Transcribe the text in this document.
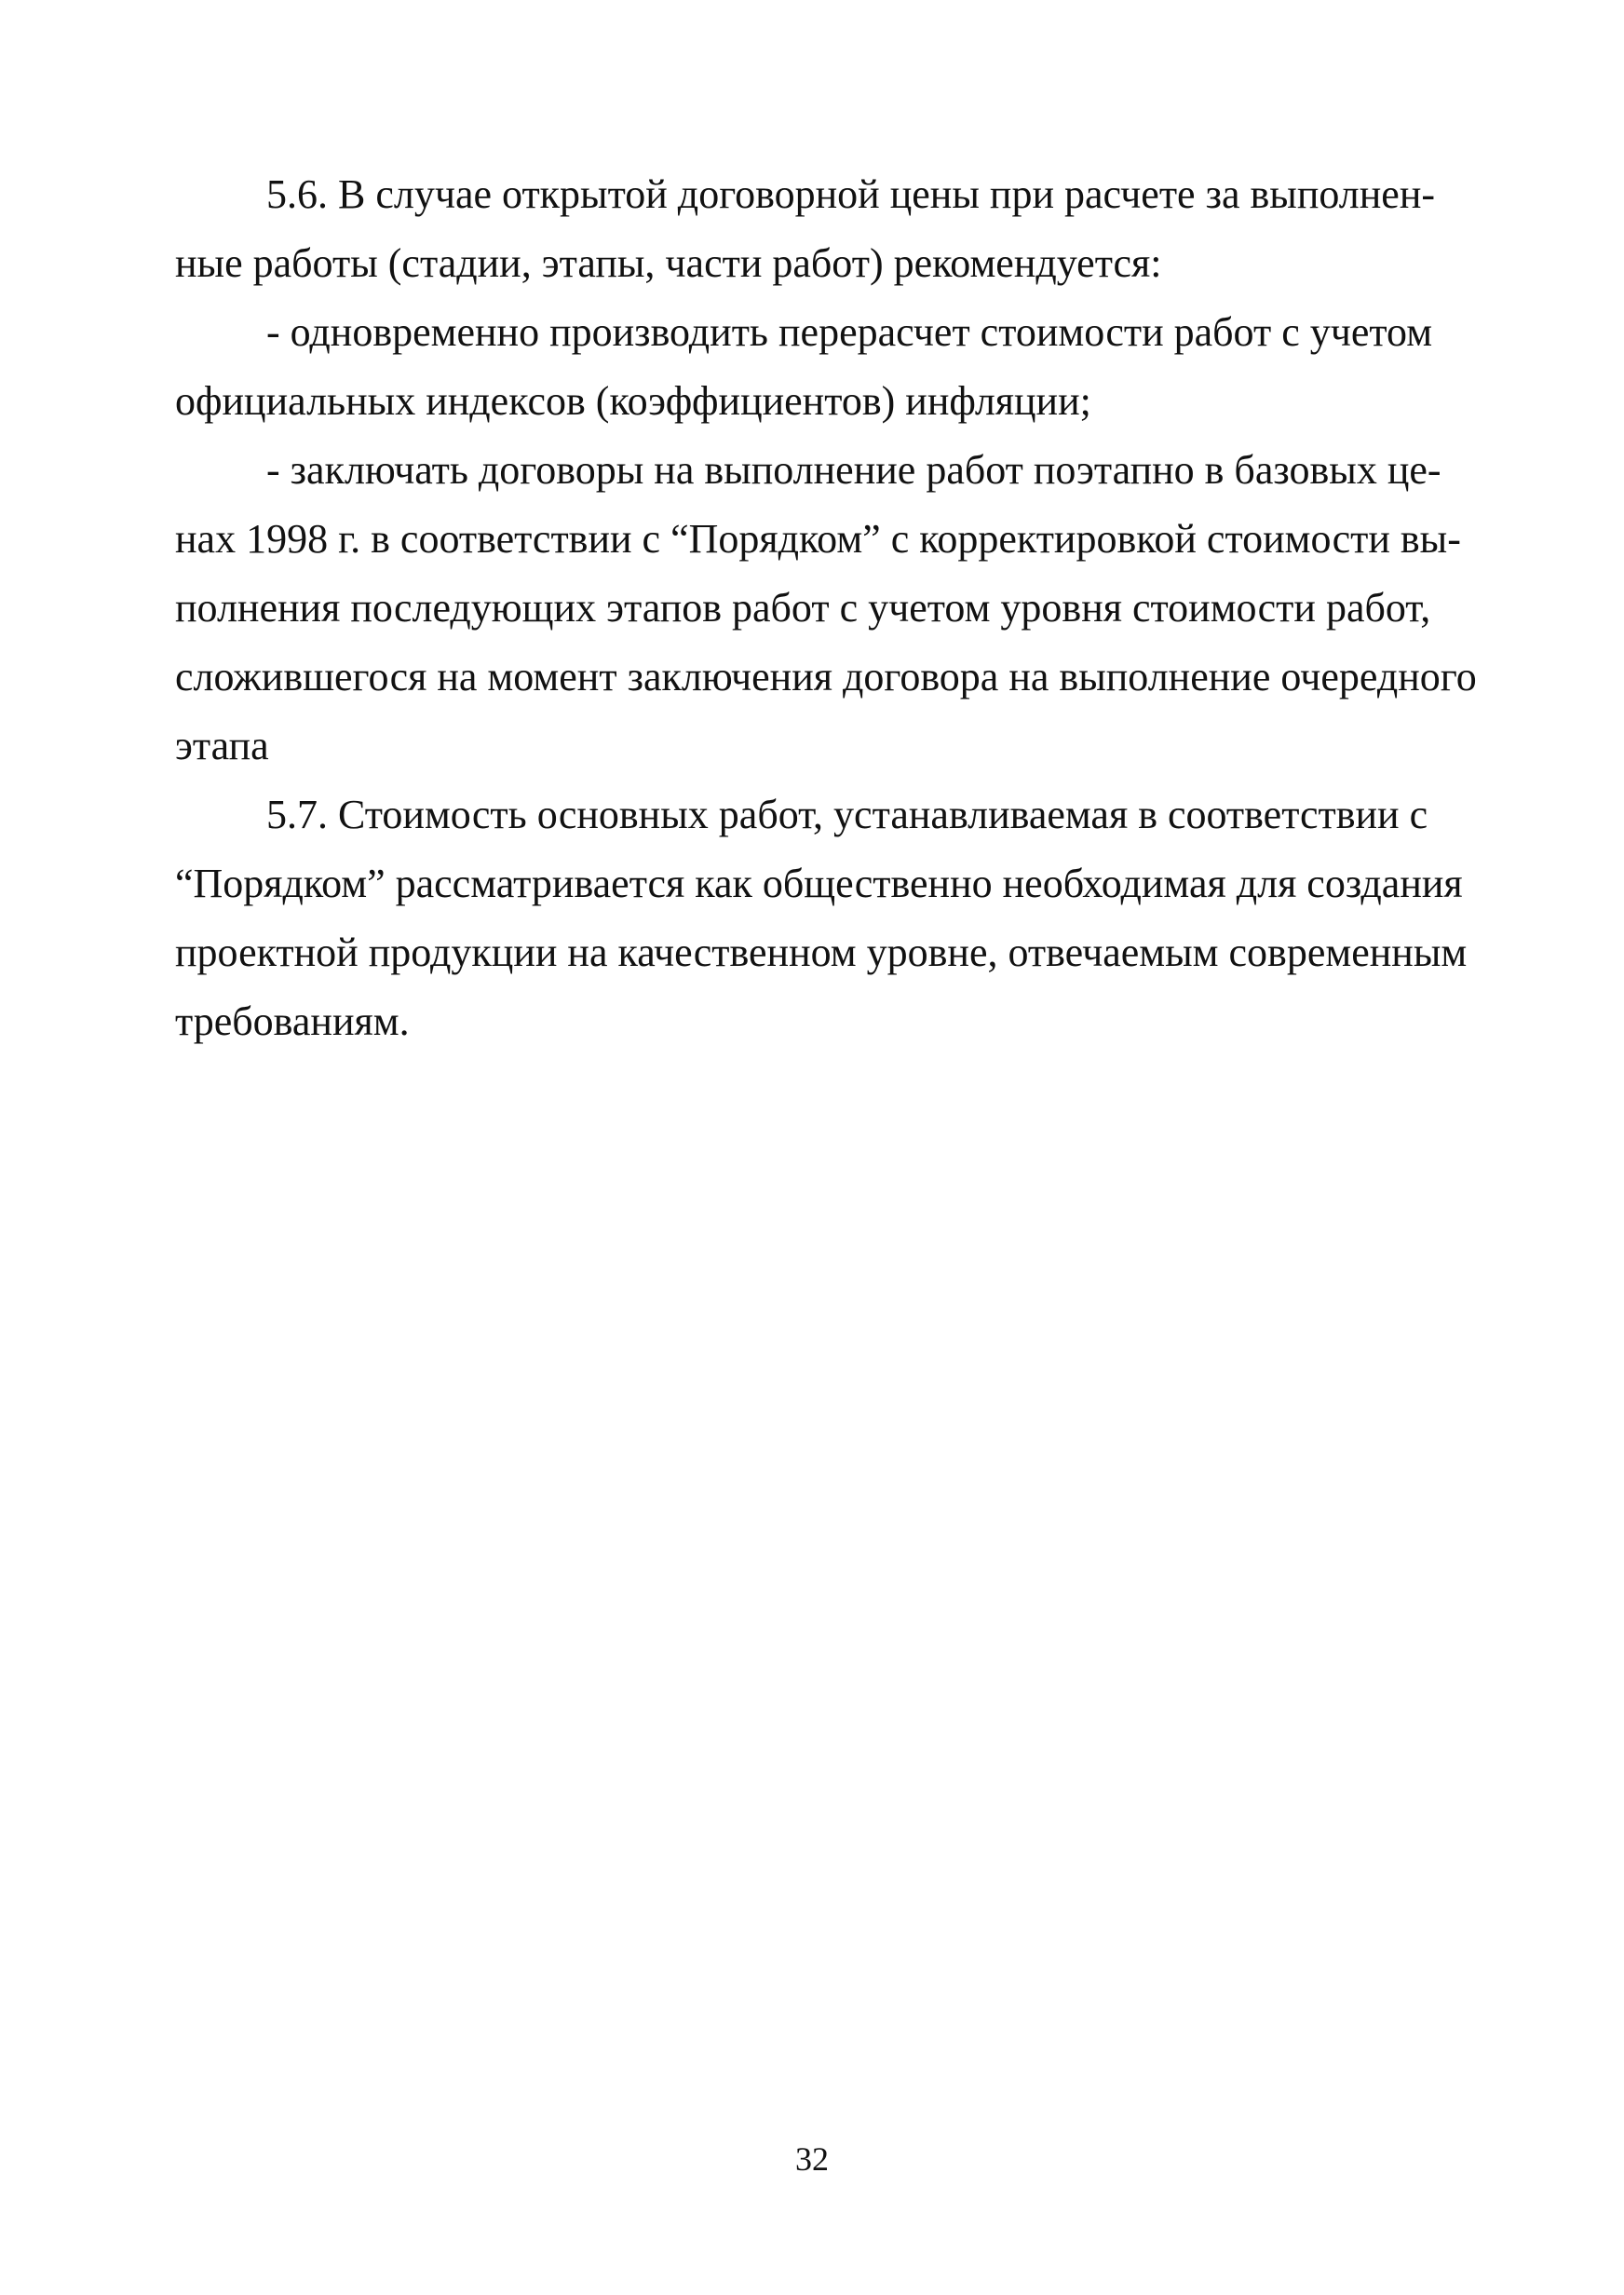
5.6. В случае открытой договорной цены при расчете за выполнен-
ные работы (стадии, этапы, части работ) рекомендуется:
- одновременно производить перерасчет стоимости работ с учетом
официальных индексов (коэффициентов) инфляции;
- заключать договоры на выполнение работ поэтапно в базовых це-
нах 1998 г. в соответствии с “Порядком” с корректировкой стоимости вы-
полнения последующих этапов работ с учетом уровня стоимости работ,
сложившегося на момент заключения договора на выполнение очередного
этапа
5.7. Стоимость основных работ, устанавливаемая в соответствии с
“Порядком” рассматривается как общественно необходимая для создания
проектной продукции на качественном уровне, отвечаемым современным
требованиям.
32
